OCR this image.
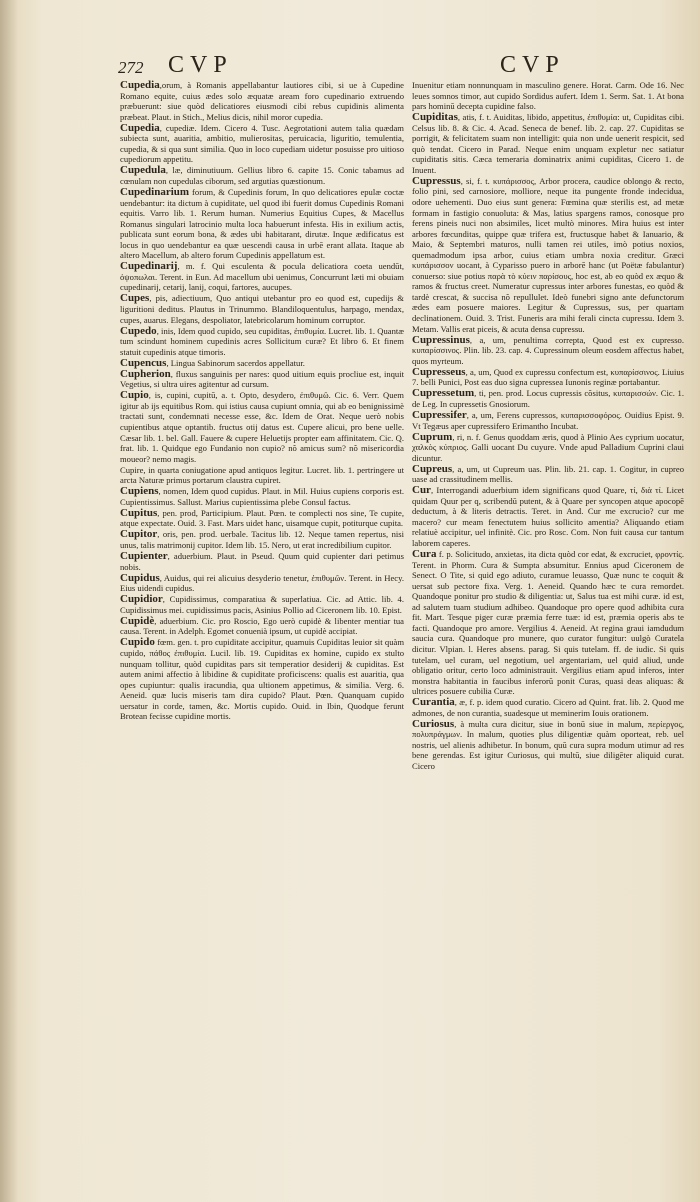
272 CVP	CVP

Cupedia,orum, à Romanis appellabantur lautiores cibi, si ue à Cupedine Romano equite, cuius ædes solo æquatæ aream foro cupedinario extruendo præbuerunt: siue quòd delicatiores eiusmodi cibi rebus cupidinis alimenta præbeat. Plaut. in Stich., Melius dicis, nihil moror cupedia.

Cupedia, cupediæ. Idem. Cicero 4. Tusc. Aegrotationi autem talia quædam subiecta sunt, auaritia, ambitio, mulierositas, peruicacia, liguritio, temulentia, cupedia, & si qua sunt similia. Quo in loco cupediam uidetur posuisse pro uitioso cupediorum appetitu.

Cupedula, læ, diminutiuum. Gellius libro 6. capite 15. Conic tabamus ad cœnulam non cupedulas ciborum, sed argutias quæstionum.

Cupedinarium forum, & Cupedinis forum, In quo delicatiores epulæ coctæ uendebantur: ita dictum à cupiditate, uel quod ibi fuerit domus Cupedinis Romani equitis. Varro lib. 1. Rerum human. Numerius Equitius Cupes, & Macellus Romanus singulari latrocinio multa loca habuerunt infesta. His in exilium actis, publicata sunt eorum bona, & ædes ubi habitarant, dirutæ. Inque ædificatus est locus in quo uendebantur ea quæ uescendi causa in urbē erant allata. Itaque ab altero Macellum, ab altero forum Cupedinis appellatum est.

Cupedinarij, m. f. Qui esculenta & pocula delicatiora coeta uendūt, ὀψοπωλαι. Terent. in Eun. Ad macellum ubi uenimus, Concurrunt læti mi obuiam cupedinarij, cetarij, lanij, coqui, fartores, aucupes.

Cupes, pis, adiectiuum, Quo antiqui utebantur pro eo quod est, cupedijs & liguritioni deditus. Plautus in Trinummo. Blandiloquentulus, harpago, mendax, cupes, auarus. Elegans, despoliator, latebricolarum hominum corruptor.

Cupedo, inis, Idem quod cupido, seu cupiditas, ἐπιθυμία. Lucret. lib. 1. Quantæ tum scindunt hominem cupedinis acres Sollicitum curæ? Et libro 6. Et finem statuit cupedinis atque timoris.

Cupencus, Lingua Sabinorum sacerdos appellatur.

Cupherion, fluxus sanguinis per nares: quod uitium equis procliue est, inquit Vegetius, si ultra uires agitentur ad cursum.

Cupio, is, cupini, cupitū, a. t. Opto, desydero, ἐπιθυμῶ. Cic. 6. Verr. Quem igitur ab ijs equitibus Rom. qui istius causa cupiunt omnia, qui ab eo benignissimè tractati sunt, condemnati necesse esse, &c. Idem de Orat. Neque uerò nobis cupientibus atque optantib. fructus otij datus est. Cupere alicui, pro bene uelle. Cæsar lib. 1. bel. Gall. Fauere & cupere Heluetijs propter eam affinitatem. Cic. Q. frat. lib. 1. Quidque ego Fundanio non cupio? nõ amicus sum? nõ misericordia moueor? nemo magis.

Cupire, in quarta coniugatione apud antiquos legitur. Lucret. lib. 1. pertringere ut arcta Naturæ primus portarum claustra cupiret.

Cupiens, nomen, Idem quod cupidus. Plaut. in Mil. Huius cupiens corporis est. Cupientissimus. Sallust. Marius cupientissima plebe Consul factus.

Cupitus, pen. prod, Participium. Plaut. Pœn. te complecti nos sine, Te cupite, atque expectate. Ouid. 3. Fast. Mars uidet hanc, uisamque cupit, potiturque cupita.

Cupitor, oris, pen. prod. uerbale. Tacitus lib. 12. Neque tamen repertus, nisi unus, talis matrimonij cupitor. Idem lib. 15. Nero, ut erat incredibilium cupitor.

Cupienter, aduerbium. Plaut. in Pseud. Quum quid cupienter dari petimus nobis.

Cupidus, Auidus, qui rei alicuius desyderio tenetur, ἐπιθυμῶν. Terent. in Hecy. Eius uidendi cupidus.

Cupidior, Cupidissimus, comparatiua & superlatiua. Cic. ad Attic. lib. 4. Cupidissimus mei. cupidissimus pacis, Asinius Pollio ad Ciceronem lib. 10. Epist.

Cupidè, aduerbium. Cic. pro Roscio, Ego uerò cupidè & libenter mentiar tua causa. Terent. in Adelph. Egomet conuenià ipsum, ut cupidè accipiat.

Cupido fœm. gen. t. pro cupiditate accipitur, quamuis Cupiditas leuior sit quàm cupido, πάθος ἐπιθυμία. Lucil. lib. 19. Cupiditas ex homine, cupido ex stulto nunquam tollitur, quòd cupiditas pars sit temperatior desiderij & cupiditas. Est autem animi affectio à libidine & cupiditate proficiscens: qualis est auaritia, qua opes cupiuntur: qualis iracundia, qua ultionem appetimus, & similia. Verg. 6. Aeneid. quæ lucis miseris tam dira cupido? Plaut. Pœn. Quanquam cupido uersatur in corde, tamen, &c. Mortis cupido. Ouid. in Ibin, Quodque ferunt Brotean fecisse cupidine mortis.

Inuenitur etiam nonnunquam in masculino genere. Horat. Carm. Ode 16. Nec leues somnos timor, aut cupido Sordidus aufert. Idem 1. Serm. Sat. 1. At bona pars hominū decepta cupidine falso.

Cupiditas, atis, f. t. Auiditas, libido, appetitus, ἐπιθυμία: ut, Cupiditas cibi. Celsus lib. 8. & Cic. 4. Acad. Seneca de benef. lib. 2. cap. 27. Cupiditas se porrigit, & felicitatem suam non intelligit: quia non unde uenerit respicit, sed quò tendat. Cicero in Parad. Neque enim unquam expletur nec satiatur cupiditatis sitis. Cæca temeraria dominatrix animi cupiditas, Cicero 1. de Inuent.

Cupressus, si, f. t. κυπάρισσος, Arbor procera, caudice oblongo & recto, folio pini, sed carnosiore, molliore, neque ita pungente fronde indecidua, odore uehementi. Duo eius sunt genera: Fœmina quæ sterilis est, ad metæ formam in fastigio conuoluta: & Mas, latius spargens ramos, conosque pro ferens pineis nuci non absimiles, licet multò minores. Mira huius est inter arbores fœcunditas, quippe quæ trifera est, fructusque habet & Ianuario, & Maio, & Septembri maturos, nulli tamen rei utiles, imò potius noxios, quemadmodum ipsa arbor, cuius etiam umbra noxia creditur. Græci κυπάρισσον uocant, à Cyparisso puero in arborē hanc (ut Poëtæ fabulantur) conuerso: siue potius παρὰ τὸ κύειν παρίσους, hoc est, ab eo quòd ex æquo & ramos & fructus creet. Numeratur cupressus inter arbores funestas, eo quòd & tardè crescat, & succisa nõ repullulet. Ideò funebri signo ante defunctorum ædes eam posuere maiores. Legitur & Cupressus, sus, per quartam declinationem. Ouid. 3. Trist. Funeris ara mihi ferali cincta cupressu. Idem 3. Metam. Vallis erat piceis, & acuta densa cupressu.

Cupressinus, a, um, penultima correpta, Quod est ex cupresso. κυπαρίσσινος. Plin. lib. 23. cap. 4. Cupressinum oleum eosdem affectus habet, quos myrteum.

Cupresseus, a, um, Quod ex cupressu confectum est, κυπαρίσσινος. Liuius 7. belli Punici, Post eas duo signa cupressea Iunonis reginæ portabantur.

Cupressetum, ti, pen. prod. Locus cupressis cõsitus, κυπαρισσών. Cic. 1. de Leg. In cupressetis Gnosiorum.

Cupressifer, a, um, Ferens cupressos, κυπαρισσοφόρος. Ouidius Epist. 9. Vt Tegæus aper cupressifero Erimantho Incubat.

Cuprum, ri, n. f. Genus quoddam æris, quod à Plinio Aes cyprium uocatur, χαλκὸς κύπριος. Galli uocant Du cuyure. Vnde apud Palladium Cuprini claui dicuntur.

Cupreus, a, um, ut Cupreum uas. Plin. lib. 21. cap. 1. Cogitur, in cupreo uase ad crassitudinem mellis.

Cur, Interrogandi aduerbium idem significans quod Quare, τί, διὰ τί. Licet quidam Quur per q, scribendū putent, & à Quare per syncopen atque apocopē deductum, à & literis detractis. Teret. in And. Cur me excrucio? cur me macero? cur meam fenectutem huius sollicito amentia? Aliquando etiam relatiuè accipitur, uel infinitè. Cic. pro Rosc. Com. Non fuit causa cur tantum laborem caperes.

Cura f. p. Solicitudo, anxietas, ita dicta quòd cor edat, & excruciet, φροντίς. Terent. in Phorm. Cura & Sumpta absumitur. Ennius apud Ciceronem de Senect. O Tite, si quid ego adiuto, curamue leuasso, Quæ nunc te coquit & uersat sub pectore fixa. Verg. 1. Aeneid. Quando hæc te cura remordet. Quandoque ponitur pro studio & diligentia: ut, Salus tua est mihi curæ. id est, ad salutem tuam studium adhibeo. Quandoque pro opere quod adhibita cura fit. Mart. Tesque piger curæ præmia ferre tuæ: id est, præmia operis abs te facti. Quandoque pro amore. Vergilius 4. Aeneid. At regina graui iamdudum saucia cura. Quandoque pro munere, quo curator fungitur: uulgò Curatela dicitur. Vlpian. l. Heres absens. parag. Si quis tutelam. ff. de iudic. Si quis tutelam, uel curam, uel negotium, uel argentariam, uel quid aliud, unde obligatio oritur, certo loco administrauit. Vergilius etiam apud inferos, inter monstra habitantia in faucibus inferorũ ponit Curas, quasi deas aliquas: & ultrices posuere cubilia Curæ.

Curantia, æ, f. p. idem quod curatio. Cicero ad Quint. frat. lib. 2. Quod me admones, de non curantia, suadesque ut meminerim Iouis orationem.

Curiosus, à multa cura dicitur, siue in bonū siue in malum, περίεργος, πολυπράγμων. In malum, quoties plus diligentiæ quàm oporteat, reb. uel nostris, uel alienis adhibetur. In bonum, quū cura supra modum utimur ad res bene gerendas. Est igitur Curiosus, qui multū, siue diligēter aliquid curat. Cicero
